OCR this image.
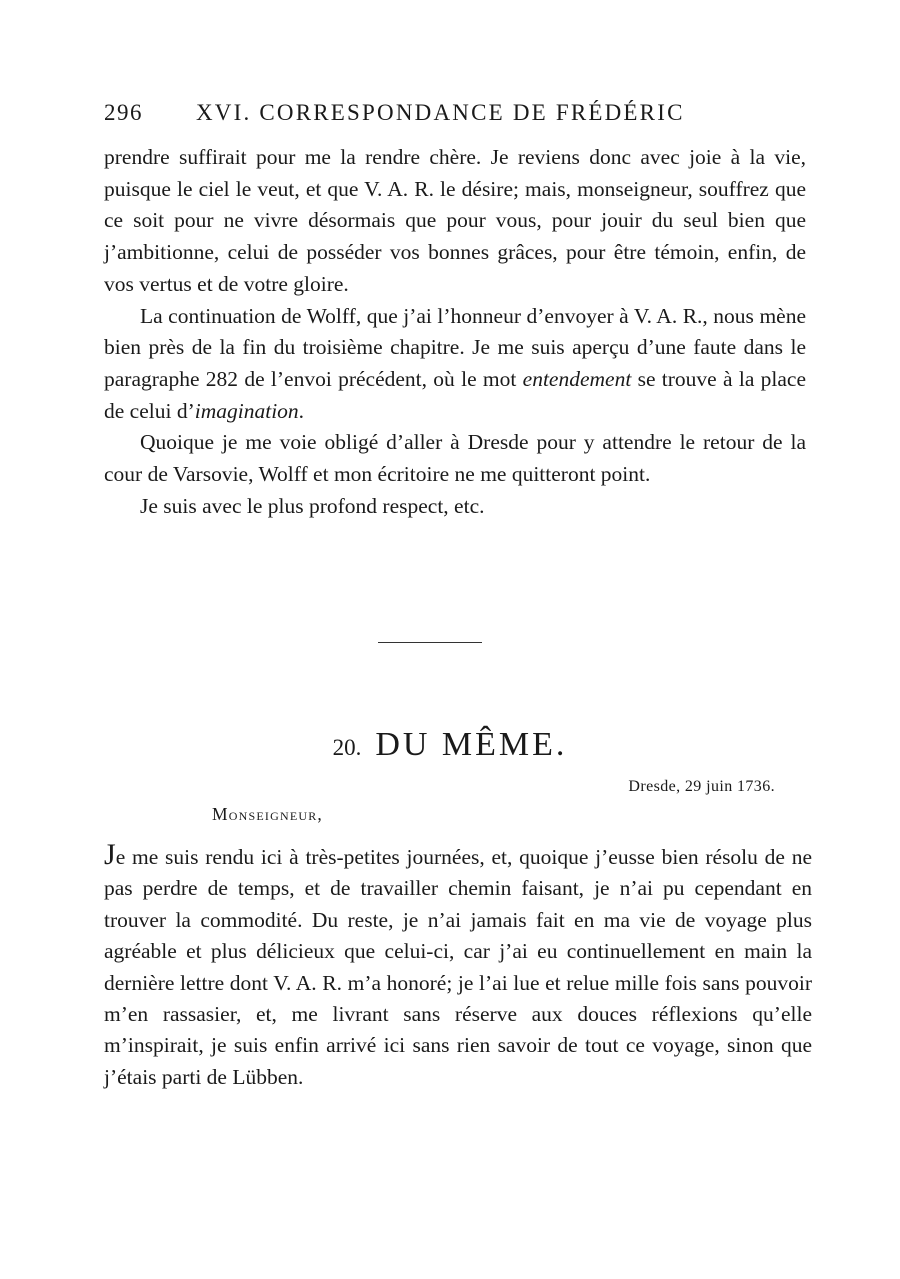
296 XVI. CORRESPONDANCE DE FRÉDÉRIC

prendre suffirait pour me la rendre chère. Je reviens donc avec joie à la vie, puisque le ciel le veut, et que V. A. R. le désire; mais, monseigneur, souffrez que ce soit pour ne vivre désormais que pour vous, pour jouir du seul bien que j’ambitionne, celui de posséder vos bonnes grâces, pour être témoin, enfin, de vos vertus et de votre gloire.

La continuation de Wolff, que j’ai l’honneur d’envoyer à V. A. R., nous mène bien près de la fin du troisième chapitre. Je me suis aperçu d’une faute dans le paragraphe 282 de l’envoi précédent, où le mot entendement se trouve à la place de celui d’imagination.

Quoique je me voie obligé d’aller à Dresde pour y attendre le retour de la cour de Varsovie, Wolff et mon écritoire ne me quitteront point.

Je suis avec le plus profond respect, etc.

20. DU MÊME.
Dresde, 29 juin 1736.
Monseigneur,

Je me suis rendu ici à très-petites journées, et, quoique j’eusse bien résolu de ne pas perdre de temps, et de travailler chemin faisant, je n’ai pu cependant en trouver la commodité. Du reste, je n’ai jamais fait en ma vie de voyage plus agréable et plus délicieux que celui-ci, car j’ai eu continuellement en main la dernière lettre dont V. A. R. m’a honoré; je l’ai lue et relue mille fois sans pouvoir m’en rassasier, et, me livrant sans réserve aux douces réflexions qu’elle m’inspirait, je suis enfin arrivé ici sans rien savoir de tout ce voyage, sinon que j’étais parti de Lübben.
